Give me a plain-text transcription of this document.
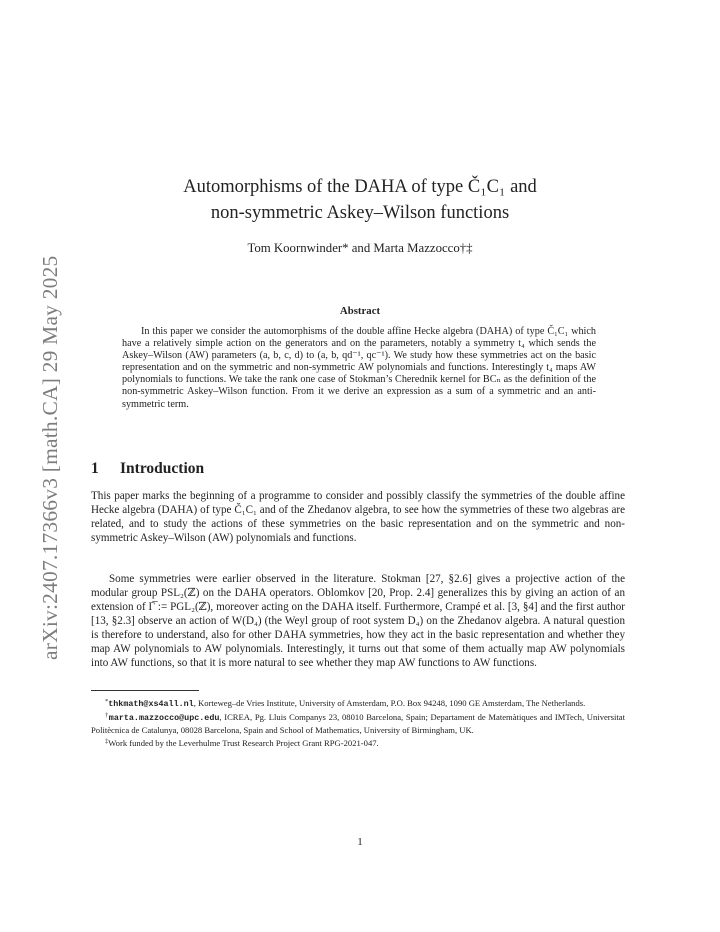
arXiv:2407.17366v3 [math.CA] 29 May 2025
Automorphisms of the DAHA of type Č₁C₁ and
non-symmetric Askey–Wilson functions
Tom Koornwinder* and Marta Mazzocco†‡
Abstract
In this paper we consider the automorphisms of the double affine Hecke algebra (DAHA) of type Č₁C₁ which have a relatively simple action on the generators and on the parameters, notably a symmetry t₄ which sends the Askey–Wilson (AW) parameters (a, b, c, d) to (a, b, qd⁻¹, qc⁻¹). We study how these symmetries act on the basic representation and on the symmetric and non-symmetric AW polynomials and functions. Interestingly t₄ maps AW polynomials to functions. We take the rank one case of Stokman’s Cherednik kernel for BCₙ as the definition of the non-symmetric Askey–Wilson function. From it we derive an expression as a sum of a symmetric and an anti-symmetric term.
1 Introduction
This paper marks the beginning of a programme to consider and possibly classify the symmetries of the double affine Hecke algebra (DAHA) of type Č₁C₁ and of the Zhedanov algebra, to see how the symmetries of these two algebras are related, and to study the actions of these symmetries on the basic representation and on the symmetric and non-symmetric Askey–Wilson (AW) polynomials and functions.
Some symmetries were earlier observed in the literature. Stokman [27, §2.6] gives a projective action of the modular group PSL₂(ℤ) on the DAHA operators. Oblomkov [20, Prop. 2.4] generalizes this by giving an action of an extension of Γ̅ := PGL₂(ℤ), moreover acting on the DAHA itself. Furthermore, Crampé et al. [3, §4] and the first author [13, §2.3] observe an action of W(D₄) (the Weyl group of root system D₄) on the Zhedanov algebra. A natural question is therefore to understand, also for other DAHA symmetries, how they act in the basic representation and whether they map AW polynomials to AW polynomials. Interestingly, it turns out that some of them actually map AW polynomials into AW functions, so that it is more natural to see whether they map AW functions to AW functions.

*thkmath@xs4all.nl, Korteweg–de Vries Institute, University of Amsterdam, P.O. Box 94248, 1090 GE Amsterdam, The Netherlands.

†marta.mazzocco@upc.edu, ICREA, Pg. Lluis Companys 23, 08010 Barcelona, Spain; Departament de Matemàtiques and IMTech, Universitat Politècnica de Catalunya, 08028 Barcelona, Spain and School of Mathematics, University of Birmingham, UK.

‡Work funded by the Leverhulme Trust Research Project Grant RPG-2021-047.

1
